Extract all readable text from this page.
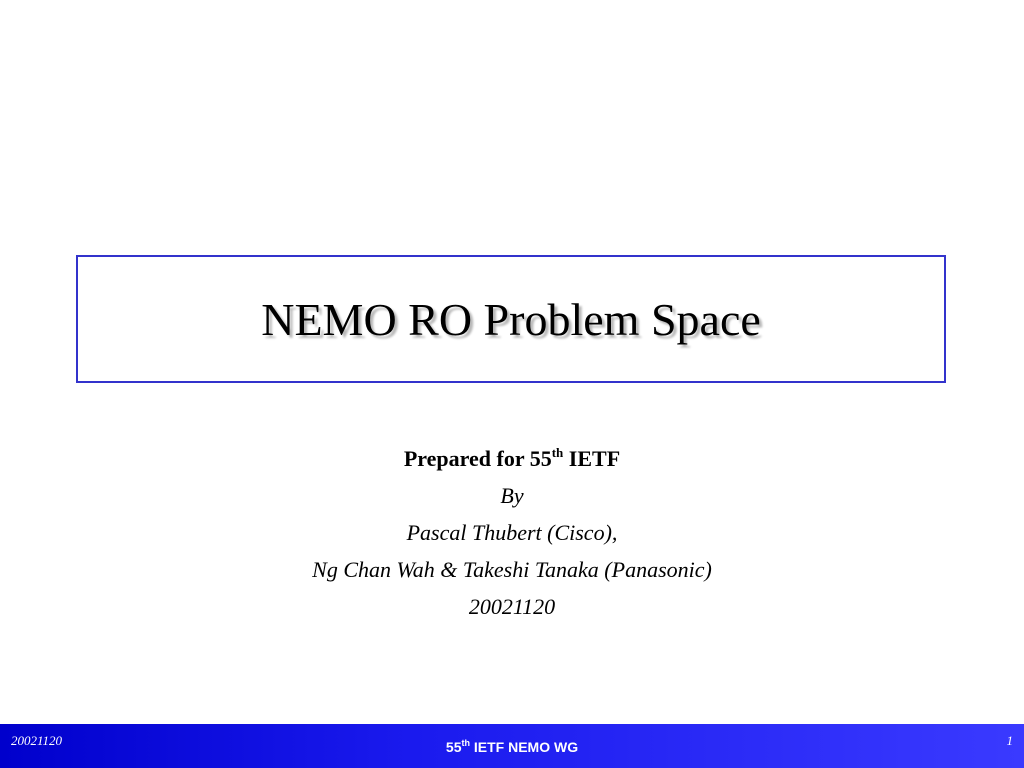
NEMO RO Problem Space
Prepared for 55th IETF
By
Pascal Thubert (Cisco),
Ng Chan Wah & Takeshi Tanaka (Panasonic)
20021120
20021120	55th IETF NEMO WG	1
